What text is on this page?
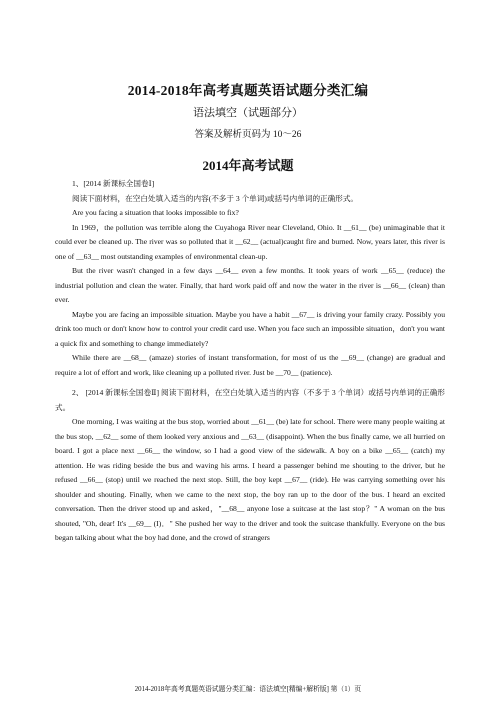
2014-2018年高考真题英语试题分类汇编
语法填空（试题部分）
答案及解析页码为 10～26
2014年高考试题

1、[2014 新课标全国卷Ⅰ]

阅读下面材料，在空白处填入适当的内容(不多于 3 个单词)或括号内单词的正确形式。

Are you facing a situation that looks impossible to fix?

In 1969，the pollution was terrible along the Cuyahoga River near Cleveland, Ohio. It __61__ (be) unimaginable that it could ever be cleaned up. The river was so polluted that it __62__ (actual)caught fire and burned. Now, years later, this river is one of __63__ most outstanding examples of environmental clean-up.

But the river wasn't changed in a few days __64__ even a few months. It took years of work __65__ (reduce) the industrial pollution and clean the water. Finally, that hard work paid off and now the water in the river is __66__ (clean) than ever.

Maybe you are facing an impossible situation. Maybe you have a habit __67__ is driving your family crazy. Possibly you drink too much or don't know how to control your credit card use. When you face such an impossible situation，don't you want a quick fix and something to change immediately?

While there are __68__ (amaze) stories of instant transformation, for most of us the __69__ (change) are gradual and require a lot of effort and work, like cleaning up a polluted river. Just be __70__ (patience).

2、 [2014 新课标全国卷Ⅱ] 阅读下面材料，在空白处填入适当的内容（不多于 3 个单词）或括号内单词的正确形式。

One morning, I was waiting at the bus stop, worried about __61__ (be) late for school. There were many people waiting at the bus stop, __62__ some of them looked very anxious and __63__ (disappoint). When the bus finally came, we all hurried on board. I got a place next __66__ the window, so I had a good view of the sidewalk. A boy on a bike __65__ (catch) my attention. He was riding beside the bus and waving his arms. I heard a passenger behind me shouting to the driver, but he refused __66__ (stop) until we reached the next stop. Still, the boy kept __67__ (ride). He was carrying something over his shoulder and shouting. Finally, when we came to the next stop, the boy ran up to the door of the bus. I heard an excited conversation. Then the driver stood up and asked，"__68__ anyone lose a suitcase at the last stop？" A woman on the bus shouted, "Oh, dear! It's __69__ (I)．" She pushed her way to the driver and took the suitcase thankfully. Everyone on the bus began talking about what the boy had done, and the crowd of strangers

2014-2018年高考真题英语试题分类汇编：语法填空[精编+解析版] 第（1）页
